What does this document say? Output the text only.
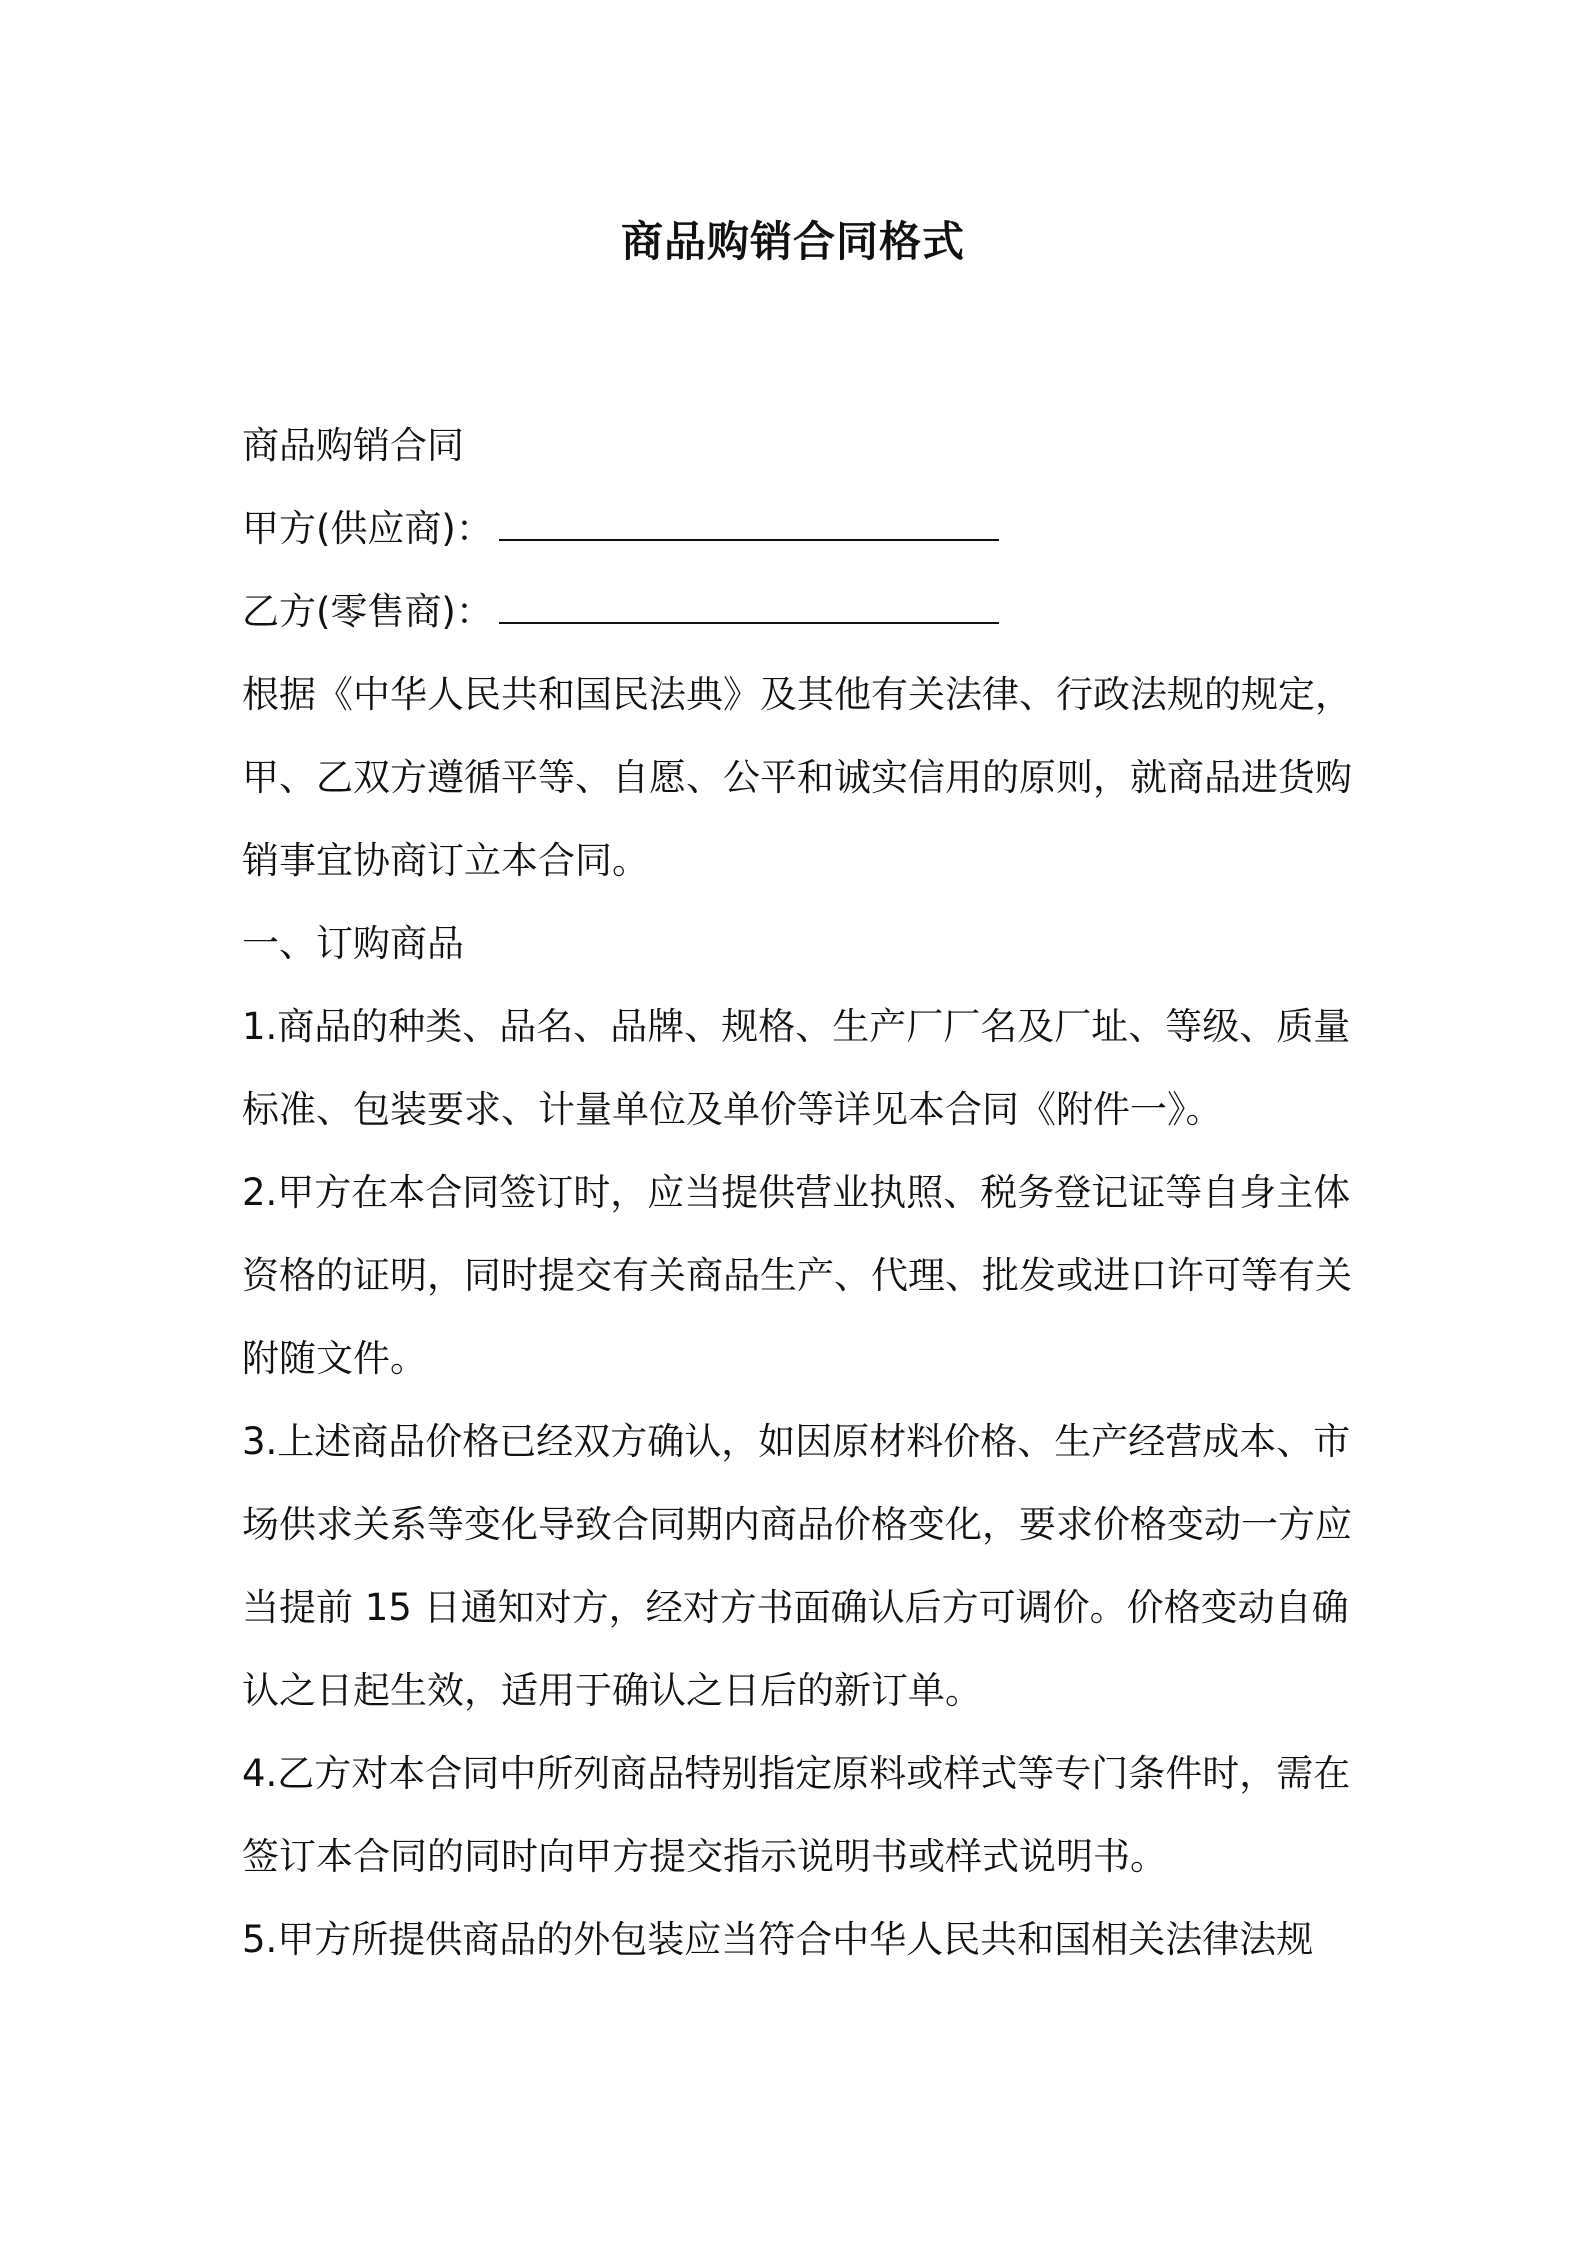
商品购销合同格式
商品购销合同
甲方(供应商)：
乙方(零售商)：
根据《中华人民共和国民法典》及其他有关法律、行政法规的规定，
甲、乙双方遵循平等、自愿、公平和诚实信用的原则，就商品进货购
销事宜协商订立本合同。
一、订购商品
1.商品的种类、品名、品牌、规格、生产厂厂名及厂址、等级、质量
标准、包装要求、计量单位及单价等详见本合同《附件一》。
2.甲方在本合同签订时，应当提供营业执照、税务登记证等自身主体
资格的证明，同时提交有关商品生产、代理、批发或进口许可等有关
附随文件。
3.上述商品价格已经双方确认，如因原材料价格、生产经营成本、市
场供求关系等变化导致合同期内商品价格变化，要求价格变动一方应
当提前 15 日通知对方，经对方书面确认后方可调价。价格变动自确
认之日起生效，适用于确认之日后的新订单。
4.乙方对本合同中所列商品特别指定原料或样式等专门条件时，需在
签订本合同的同时向甲方提交指示说明书或样式说明书。
5.甲方所提供商品的外包装应当符合中华人民共和国相关法律法规
